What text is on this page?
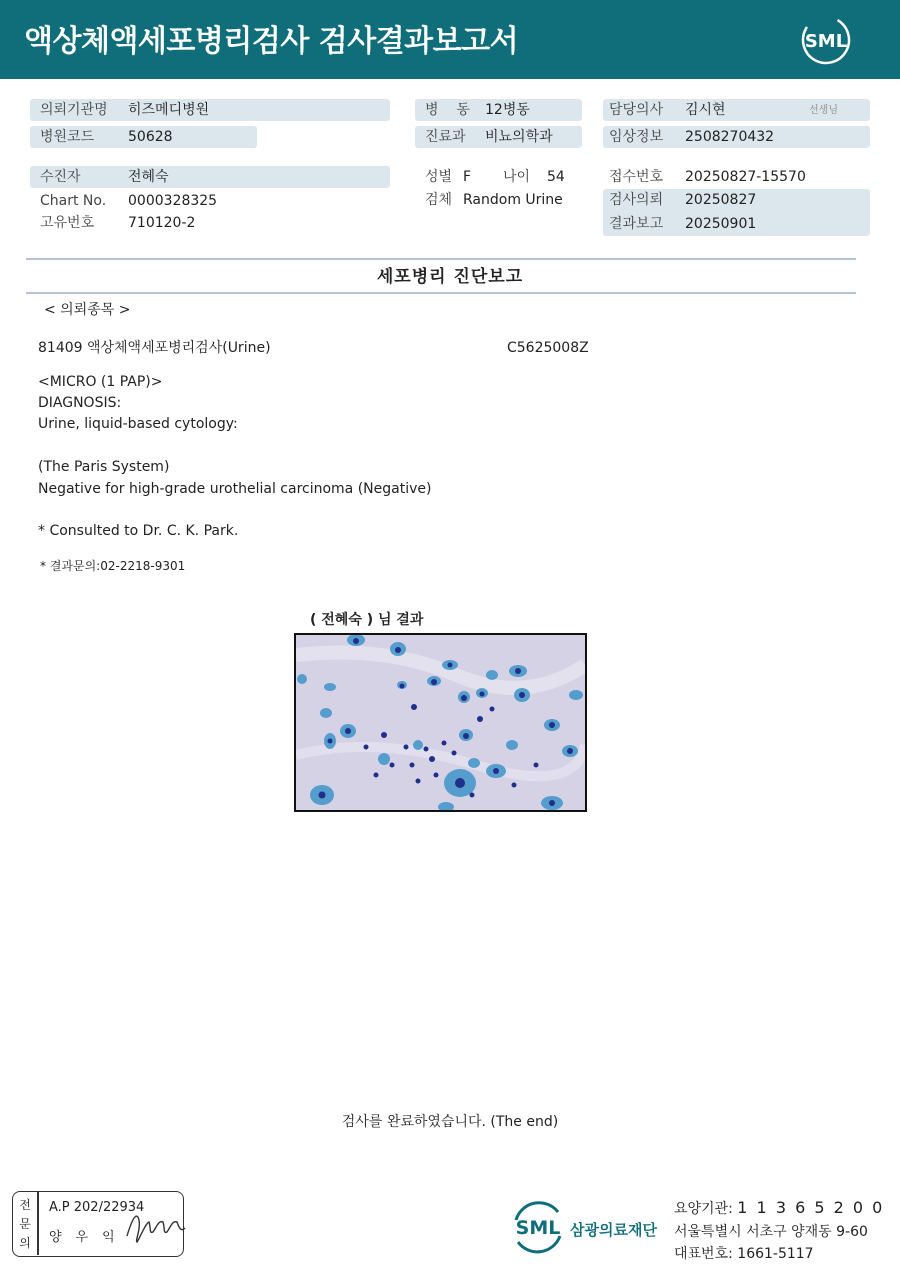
액상체액세포병리검사 검사결과보고서	SML
의뢰기관명 히즈메디병원
병원코드 50628
수진자	전혜숙
Chart No. 0000328325
고유번호 710120-2
병    동 12병동
진료과 비뇨의학과
성별 F 나이 54
검체 Random Urine
담당의사 김시현	선생님
임상정보 2508270432
접수번호 20250827-15570
검사의뢰 20250827
결과보고 20250901
세포병리 진단보고
< 의뢰종목 >
81409 액상체액세포병리검사(Urine)	C5625008Z
<MICRO (1 PAP)>
DIAGNOSIS:
Urine, liquid-based cytology:
(The Paris System)
Negative for high-grade urothelial carcinoma (Negative)
* Consulted to Dr. C. K. Park.
* 결과문의:02-2218-9301
( 전혜숙 ) 님 결과
검사를 완료하였습니다. (The end)
전
문
의
A.P 202/22934
양우익	SML 삼광의료재단
요양기관: 1 1 3 6 5 2 0 0
서울특별시 서초구 양재동 9-60
대표번호: 1661-5117
